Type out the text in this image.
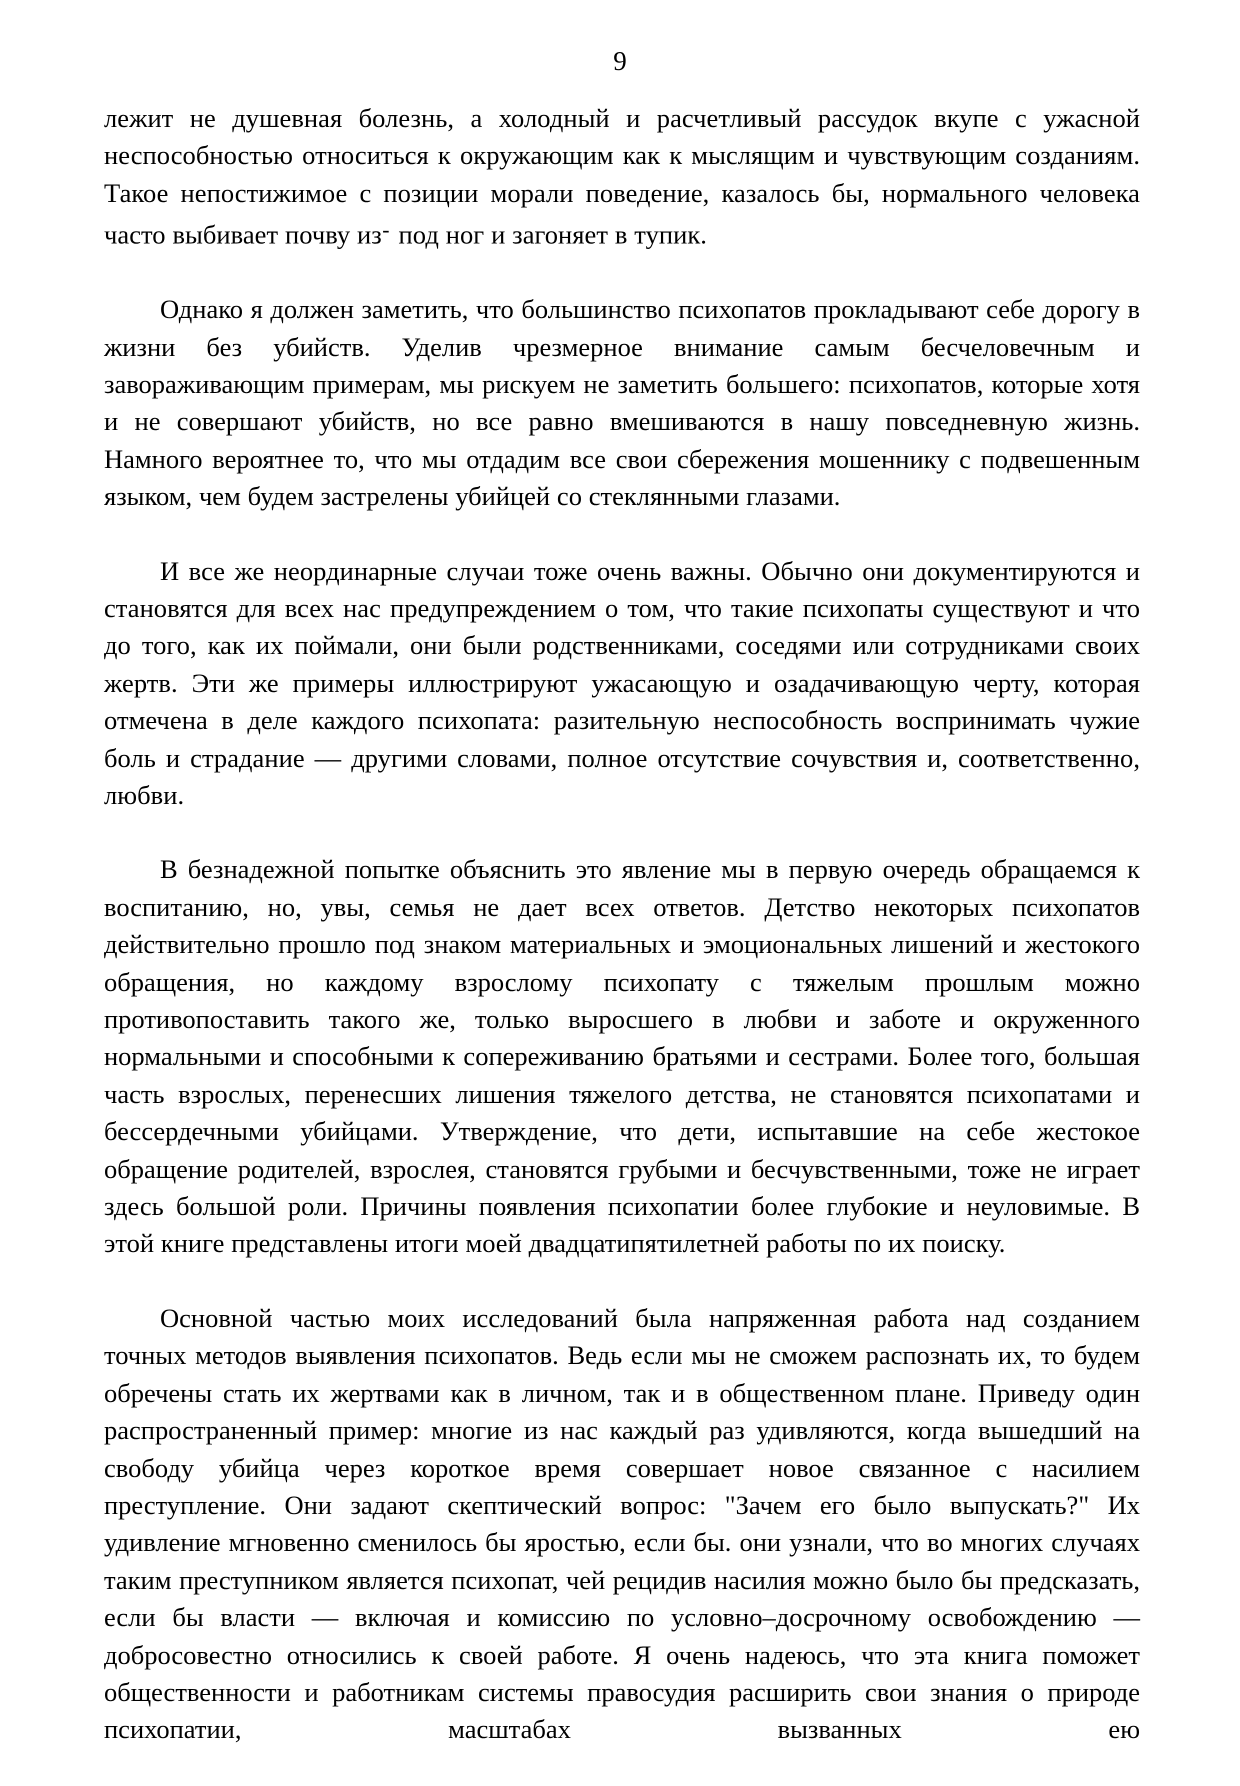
9

лежит не душевная болезнь, а холодный и расчетливый рассудок вкупе с ужасной неспособностью относиться к окружающим как к мыслящим и чувствующим созданиям. Такое непостижимое с позиции морали поведение, казалось бы, нормального человека часто выбивает почву из- под ног и загоняет в тупик.

Однако я должен заметить, что большинство психопатов прокладывают себе дорогу в жизни без убийств. Уделив чрезмерное внимание самым бесчеловечным и завораживающим примерам, мы рискуем не заметить большего: психопатов, которые хотя и не совершают убийств, но все равно вмешиваются в нашу повседневную жизнь. Намного вероятнее то, что мы отдадим все свои сбережения мошеннику с подвешенным языком, чем будем застрелены убийцей со стеклянными глазами.

И все же неординарные случаи тоже очень важны. Обычно они документируются и становятся для всех нас предупреждением о том, что такие психопаты существуют и что до того, как их поймали, они были родственниками, соседями или сотрудниками своих жертв. Эти же примеры иллюстрируют ужасающую и озадачивающую черту, которая отмечена в деле каждого психопата: разительную неспособность воспринимать чужие боль и страдание — другими словами, полное отсутствие сочувствия и, соответственно, любви.

В безнадежной попытке объяснить это явление мы в первую очередь обращаемся к воспитанию, но, увы, семья не дает всех ответов. Детство некоторых психопатов действительно прошло под знаком материальных и эмоциональных лишений и жестокого обращения, но каждому взрослому психопату с тяжелым прошлым можно противопоставить такого же, только выросшего в любви и заботе и окруженного нормальными и способными к сопереживанию братьями и сестрами. Более того, большая часть взрослых, перенесших лишения тяжелого детства, не становятся психопатами и бессердечными убийцами. Утверждение, что дети, испытавшие на себе жестокое обращение родителей, взрослея, становятся грубыми и бесчувственными, тоже не играет здесь большой роли. Причины появления психопатии более глубокие и неуловимые. В этой книге представлены итоги моей двадцатипятилетней работы по их поиску.

Основной частью моих исследований была напряженная работа над созданием точных методов выявления психопатов. Ведь если мы не сможем распознать их, то будем обречены стать их жертвами как в личном, так и в общественном плане. Приведу один распространенный пример: многие из нас каждый раз удивляются, когда вышедший на свободу убийца через короткое время совершает новое связанное с насилием преступление. Они задают скептический вопрос: "Зачем его было выпускать?" Их удивление мгновенно сменилось бы яростью, если бы. они узнали, что во многих случаях таким преступником является психопат, чей рецидив насилия можно было бы предсказать, если бы власти — включая и комиссию по условно–досрочному освобождению — добросовестно относились к своей работе. Я очень надеюсь, что эта книга поможет общественности и работникам системы правосудия расширить свои знания о природе психопатии, масштабах вызванных ею
